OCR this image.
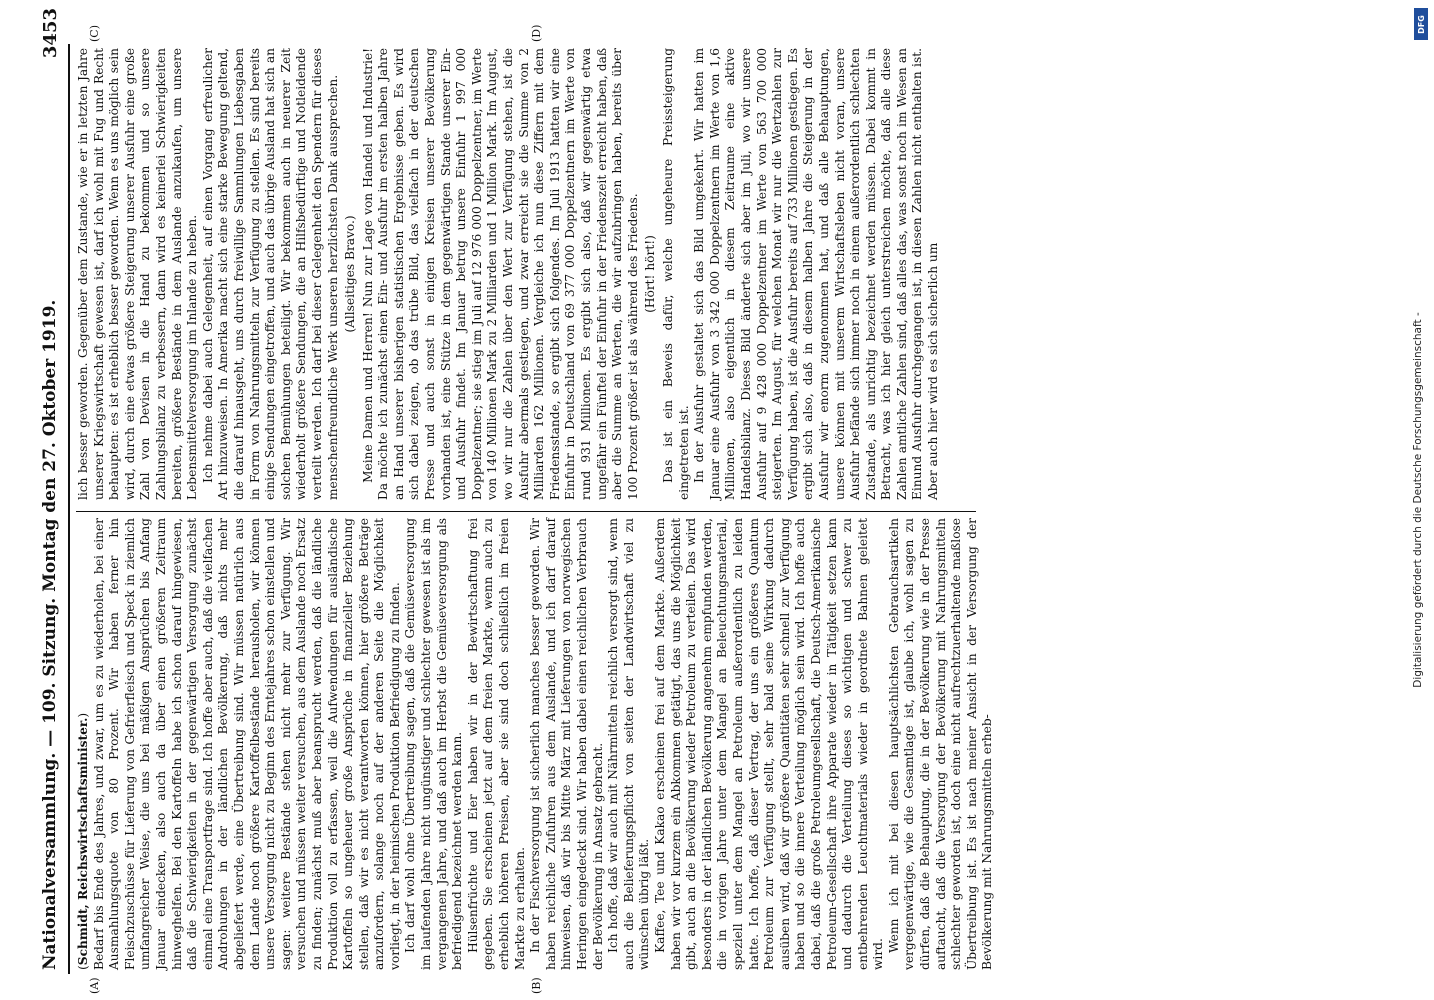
Nationalversammlung. — 109. Sitzung. Montag den 27. Oktober 1919.
3453
(A)	(B)
(C)	(D)

(Schmidt, Reichswirtschaftsminister.) Bedarf bis Ende des Jahres, und zwar, um es zu wiederholen, bei einer Ausmahlungsquote von 80 Prozent. Wir haben ferner hin Fleischzuschüsse für Lieferung von Gefrierfleisch und Speck in ziemlich umfangreicher Weise, die uns bei mäßigen Ansprüchen bis Anfang Januar eindecken, also auch da über einen größeren Zeitraum hinweghelfen. Bei den Kartoffeln habe ich schon darauf hingewiesen, daß die Schwierigkeiten in der gegenwärtigen Versorgung zunächst einmal eine Transportfrage sind. Ich hoffe aber auch, daß die vielfachen Androhungen in der ländlichen Bevölkerung, daß nichts mehr abgeliefert werde, eine Übertreibung sind. Wir müssen natürlich aus dem Lande noch größere Kartoffelbestände herausholen, wir können unsere Versorgung nicht zu Beginn des Erntejahres schon einstellen und sagen: weitere Bestände stehen nicht mehr zur Verfügung. Wir versuchen und müssen weiter versuchen, aus dem Auslande noch Ersatz zu finden; zunächst muß aber beansprucht werden, daß die ländliche Produktion voll zu erfassen, weil die Aufwendungen für ausländische Kartoffeln so ungeheuer große Ansprüche in finanzieller Beziehung stellen, daß wir es nicht verantworten können, hier größere Beträge anzufordern, solange noch auf der anderen Seite die Möglichkeit vorliegt, in der heimischen Produktion Befriedigung zu finden. Ich darf wohl ohne Übertreibung sagen, daß die Gemüseversorgung im laufenden Jahre nicht ungünstiger und schlechter gewesen ist als im vergangenen Jahre, und daß auch im Herbst die Gemüseversorgung als befriedigend bezeichnet werden kann. Hülsenfrüchte und Eier haben wir in der Bewirtschaftung frei gegeben. Sie erscheinen jetzt auf dem freien Markte, wenn auch zu erheblich höheren Preisen, aber sie sind doch schließlich im freien Markte zu erhalten. In der Fischversorgung ist sicherlich manches besser geworden. Wir haben reichliche Zufuhren aus dem Auslande, und ich darf darauf hinweisen, daß wir bis Mitte März mit Lieferungen von norwegischen Heringen eingedeckt sind. Wir haben dabei einen reichlichen Verbrauch der Bevölkerung in Ansatz gebracht. Ich hoffe, daß wir auch mit Nährmitteln reichlich versorgt sind, wenn auch die Belieferungspflicht von seiten der Landwirtschaft viel zu wünschen übrig läßt. Kaffee, Tee und Kakao erscheinen frei auf dem Markte. Außerdem haben wir vor kurzem ein Abkommen getätigt, das uns die Möglichkeit gibt, auch an die Bevölkerung wieder Petroleum zu verteilen. Das wird besonders in der ländlichen Bevölkerung angenehm empfunden werden, die in vorigen Jahre unter dem Mangel an Beleuchtungsmaterial, speziell unter dem Mangel an Petroleum außerordentlich zu leiden hatte. Ich hoffe, daß dieser Vertrag, der uns ein größeres Quantum Petroleum zur Verfügung stellt, sehr bald seine Wirkung dadurch ausüben wird, daß wir größere Quantitäten sehr schnell zur Verfügung haben und so die innere Verteilung möglich sein wird. Ich hoffe auch dabei, daß die große Petroleumgesellschaft, die Deutsch-Amerikanische Petroleum-Gesellschaft ihre Apparate wieder in Tätigkeit setzen kann und dadurch die Verteilung dieses so wichtigen und schwer zu entbehrenden Leuchtmaterials wieder in geordnete Bahnen geleitet wird.

Wenn ich mit bei diesen hauptsächlichsten Gebrauchsartikeln vergegenwärtige, wie die Gesamtlage ist, glaube ich, wohl sagen zu dürfen, daß die Behauptung, die in der Bevölkerung wie in der Presse auftaucht, daß die Versorgung der Bevölkerung mit Nahrungsmitteln schlechter geworden ist, doch eine nicht aufrechtzuerhaltende maßlose Übertreibung ist. Es ist nach meiner Ansicht in der Versorgung der Bevölkerung mit Nahrungsmitteln erheb-

lich besser geworden. Gegenüber dem Zustande, wie er in letzten Jahre unserer Kriegswirtschaft gewesen ist, darf ich wohl mit Fug und Recht behaupten: es ist erheblich besser geworden. Wenn es uns möglich sein wird, durch eine etwas größere Steigerung unserer Ausfuhr eine große Zahl von Devisen in die Hand zu bekommen und so unsere Zahlungsbilanz zu verbessern, dann wird es keinerlei Schwierigkeiten bereiten, größere Bestände in dem Auslande anzukaufen, um unsere Lebensmittelversorgung im Inlande zu heben. Ich nehme dabei auch Gelegenheit, auf einen Vorgang erfreulicher Art hinzuweisen. In Amerika macht sich eine starke Bewegung geltend, die darauf hinausgeht, uns durch freiwillige Sammlungen Liebesgaben in Form von Nahrungsmitteln zur Verfügung zu stellen. Es sind bereits einige Sendungen eingetroffen, und auch das übrige Ausland hat sich an solchen Bemühungen beteiligt. Wir bekommen auch in neuerer Zeit wiederholt größere Sendungen, die an Hilfsbedürftige und Notleidende verteilt werden. Ich darf bei dieser Gelegenheit den Spendern für dieses menschenfreundliche Werk unseren herzlichsten Dank aussprechen. (Allseitiges Bravo.) Meine Damen und Herren! Nun zur Lage von Handel und Industrie! Da möchte ich zunächst einen Ein- und Ausfuhr im ersten halben Jahre an Hand unserer bisherigen statistischen Ergebnisse geben. Es wird sich dabei zeigen, ob das trübe Bild, das vielfach in der deutschen Presse und auch sonst in einigen Kreisen unserer Bevölkerung vorhanden ist, eine Stütze in dem gegenwärtigen Stande unserer Ein- und Ausfuhr findet. Im Januar betrug unsere Einfuhr 1 997 000 Doppelzentner; sie stieg im Juli auf 12 976 000 Doppelzentner, im Werte von 140 Millionen Mark zu 2 Milliarden und 1 Million Mark. Im August, wo wir nur die Zahlen über den Wert zur Verfügung stehen, ist die Ausfuhr abermals gestiegen, und zwar erreicht sie die Summe von 2 Milliarden 162 Millionen. Vergleiche ich nun diese Ziffern mit dem Friedensstande, so ergibt sich folgendes. Im Juli 1913 hatten wir eine Einfuhr in Deutschland von 69 377 000 Doppelzentnern im Werte von rund 931 Millionen. Es ergibt sich also, daß wir gegenwärtig etwa ungefähr ein Fünftel der Einfuhr in der Friedenszeit erreicht haben, daß aber die Summe an Werten, die wir aufzubringen haben, bereits über 100 Prozent größer ist als während des Friedens. (Hört! hört!) Das ist ein Beweis dafür, welche ungeheure Preissteigerung eingetreten ist. In der Ausfuhr gestaltet sich das Bild umgekehrt. Wir hatten im Januar eine Ausfuhr von 3 342 000 Doppelzentnern im Werte von 1,6 Millionen, also eigentlich in diesem Zeitraume eine aktive Handelsbilanz. Dieses Bild änderte sich aber im Juli, wo wir unsere Ausfuhr auf 9 428 000 Doppelzentner im Werte von 563 700 000 steigerten. Im August, für welchen Monat wir nur die Wertzahlen zur Verfügung haben, ist die Ausfuhr bereits auf 733 Millionen gestiegen. Es ergibt sich also, daß in diesem halben Jahre die Steigerung in der Ausfuhr wir enorm zugenommen hat, und daß alle Behauptungen, unsere können mit unserem Wirtschaftsleben nicht voran, unsere Ausfuhr befände sich immer noch in einem außerordentlich schlechten Zustande, als unrichtig bezeichnet werden müssen. Dabei kommt in Betracht, was ich hier gleich unterstreichen möchte, daß alle diese Zahlen amtliche Zahlen sind, daß alles das, was sonst noch im Wesen an Einund Ausfuhr durchgegangen ist, in diesen Zahlen nicht enthalten ist. Aber auch hier wird es sich sicherlich um

DFG
Digitalisierung gefördert durch die Deutsche Forschungsgemeinschaft -
